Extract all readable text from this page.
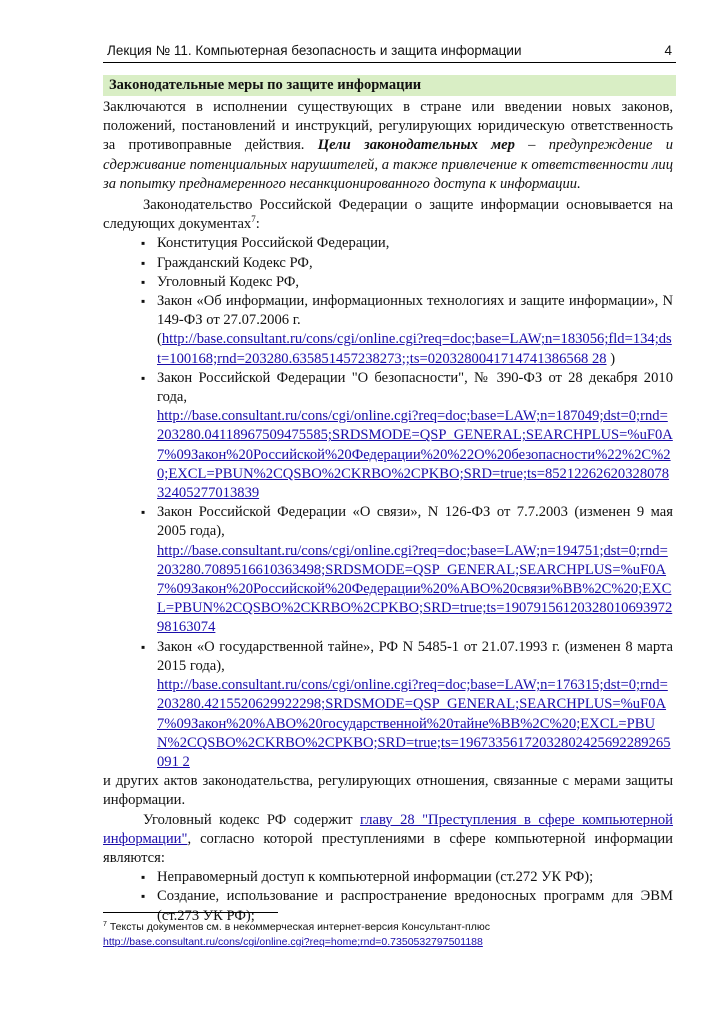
Лекция № 11. Компьютерная безопасность и защита информации	4
Законодательные меры по защите информации

Заключаются в исполнении существующих в стране или введении новых законов, положений, постановлений и инструкций, регулирующих юридическую ответственность за противоправные действия. Цели законодательных мер – предупреждение и сдерживание потенциальных нарушителей, а также привлечение к ответственности лиц за попытку преднамеренного несанкционированного доступа к информации.

Законодательство Российской Федерации о защите информации основывается на следующих документах$^7$:

▪ Конституция Российской Федерации,
▪ Гражданский Кодекс РФ,
▪ Уголовный Кодекс РФ,
▪ Закон «Об информации, информационных технологиях и защите информации», N 149-ФЗ от 27.07.2006 г.
(http://base.consultant.ru/cons/cgi/online.cgi?req=doc;base=LAW;n=183056;fld=134;dst=100168;rnd=203280.635851457238273;;ts=0203280041714741386568 28 )
▪ Закон Российской Федерации "О безопасности", № 390-ФЗ от 28 декабря 2010 года,
http://base.consultant.ru/cons/cgi/online.cgi?req=doc;base=LAW;n=187049;dst=0;rnd=203280.04118967509475585;SRDSMODE=QSP_GENERAL;SEARCHPLUS=%uF0A7%09Закон%20Российской%20Федерации%20%22О%20безопасности%22%2C%20;EXCL=PBUN%2CQSBO%2CKRBO%2CPKBO;SRD=true;ts=8521226262032807832405277013839
▪ Закон Российской Федерации «О связи», N 126-ФЗ от 7.7.2003 (изменен 9 мая 2005 года),
http://base.consultant.ru/cons/cgi/online.cgi?req=doc;base=LAW;n=194751;dst=0;rnd=203280.7089516610363498;SRDSMODE=QSP_GENERAL;SEARCHPLUS=%uF0A7%09Закон%20Российской%20Федерации%20%ABО%20связи%BB%2C%20;EXCL=PBUN%2CQSBO%2CKRBO%2CPKBO;SRD=true;ts=19079156120328010693972 98163074
▪ Закон «О государственной тайне», РФ N 5485-1 от 21.07.1993 г. (изменен 8 марта 2015 года),
http://base.consultant.ru/cons/cgi/online.cgi?req=doc;base=LAW;n=176315;dst=0;rnd=203280.4215520629922298;SRDSMODE=QSP_GENERAL;SEARCHPLUS=%uF0A7%09Закон%20%ABО%20государственной%20тайне%BB%2C%20;EXCL=PBUN%2CQSBO%2CKRBO%2CPKBO;SRD=true;ts=19673356172032802425692289265091 2

и других актов законодательства, регулирующих отношения, связанные с мерами защиты информации.

Уголовный кодекс РФ содержит главу 28 "Преступления в сфере компьютерной информации", согласно которой преступлениями в сфере компьютерной информации являются:

▪ Неправомерный доступ к компьютерной информации (ст.272 УК РФ);
▪ Создание, использование и распространение вредоносных программ для ЭВМ (ст.273 УК РФ);
$^7$ Тексты документов см. в некоммерческая интернет-версия Консультант-плюс
http://base.consultant.ru/cons/cgi/online.cgi?req=home;rnd=0.7350532797501188
